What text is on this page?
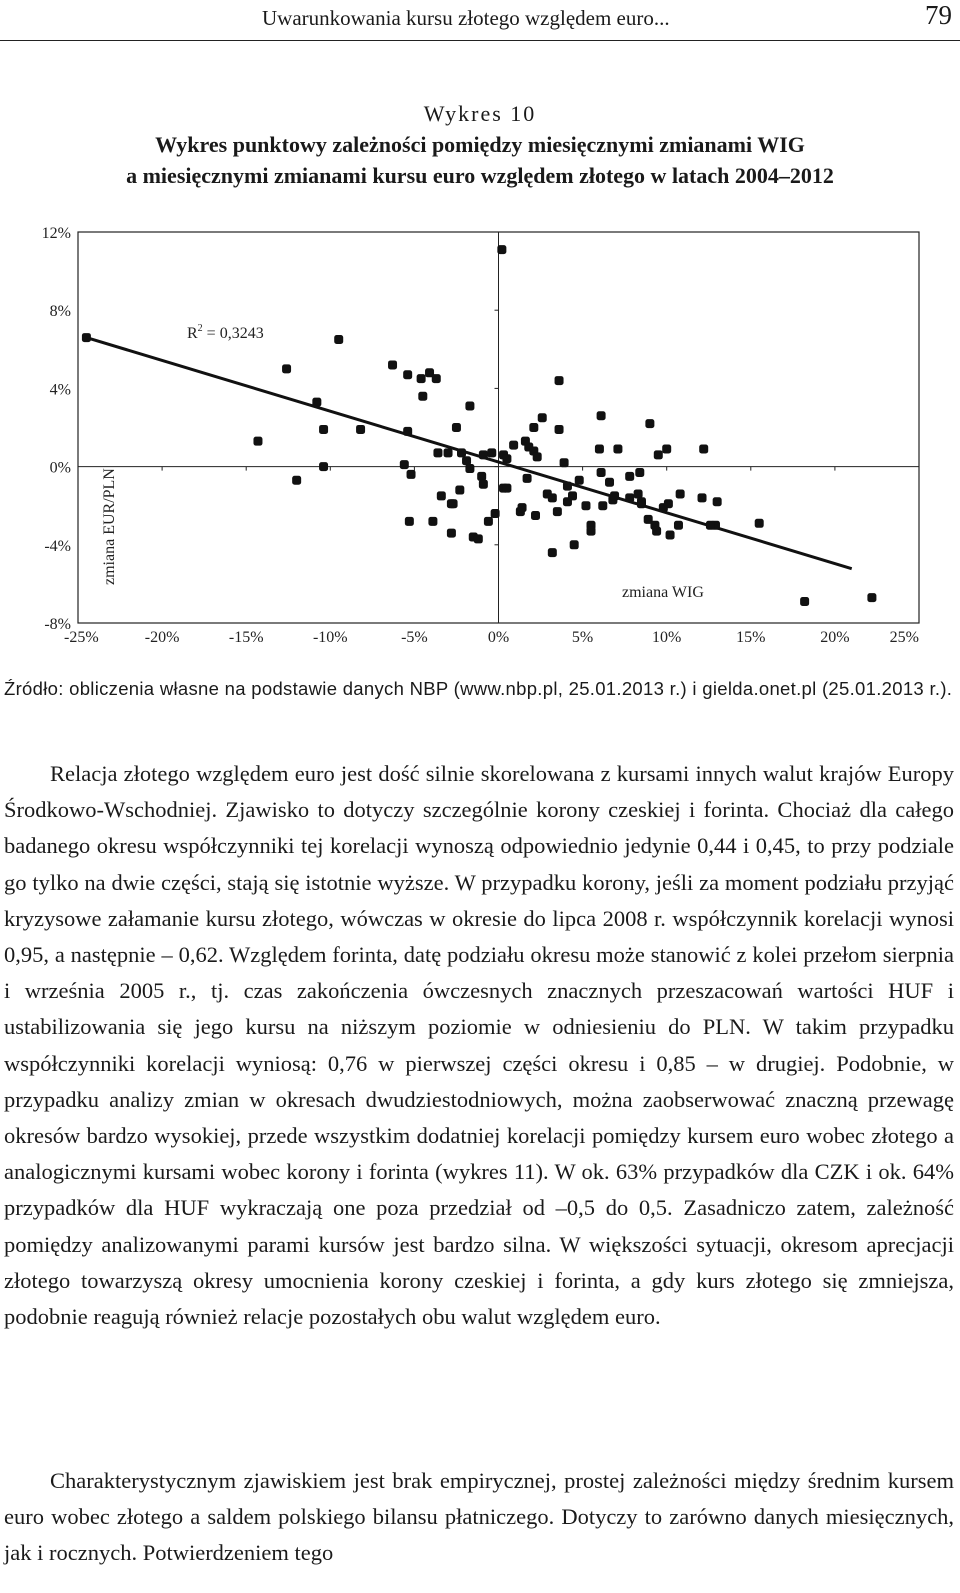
Uwarunkowania kursu złotego względem euro...	79
Wykres 10
Wykres punktowy zależności pomiędzy miesięcznymi zmianami WIG
a miesięcznymi zmianami kursu euro względem złotego w latach 2004–2012
12%
8%
4%
0%
-4%
-8%
-25%	-20%	-15%	-10%	-5%	0%	5%	10%	15%	20%	25%
$R^2 = 0,3243$
zmiana WIG
zmiana EUR/PLN
Źródło: obliczenia własne na podstawie danych NBP (www.nbp.pl, 25.01.2013 r.) i gielda.onet.pl (25.01.2013 r.).
Relacja złotego względem euro jest dość silnie skorelowana z kursami innych walut krajów Europy Środkowo-Wschodniej. Zjawisko to dotyczy szczególnie korony czeskiej i forinta. Chociaż dla całego badanego okresu współczynniki tej korelacji wynoszą odpowiednio jedynie 0,44 i 0,45, to przy podziale go tylko na dwie części, stają się istotnie wyższe. W przypadku korony, jeśli za moment podziału przyjąć kryzysowe załamanie kursu złotego, wówczas w okresie do lipca 2008 r. współczynnik korelacji wynosi 0,95, a następnie – 0,62. Względem forinta, datę podziału okresu może stanowić z kolei przełom sierpnia i września 2005 r., tj. czas zakończenia ówczesnych znacznych przeszacowań wartości HUF i ustabilizowania się jego kursu na niższym poziomie w odniesieniu do PLN. W takim przypadku współczynniki korelacji wyniosą: 0,76 w pierwszej części okresu i 0,85 – w drugiej. Podobnie, w przypadku analizy zmian w okresach dwudziestodniowych, można zaobserwować znaczną przewagę okresów bardzo wysokiej, przede wszystkim dodatniej korelacji pomiędzy kursem euro wobec złotego a analogicznymi kursami wobec korony i forinta (wykres 11). W ok. 63% przypadków dla CZK i ok. 64% przypadków dla HUF wykraczają one poza przedział od –0,5 do 0,5. Zasadniczo zatem, zależność pomiędzy analizowanymi parami kursów jest bardzo silna. W większości sytuacji, okresom aprecjacji złotego towarzyszą okresy umocnienia korony czeskiej i forinta, a gdy kurs złotego się zmniejsza, podobnie reagują również relacje pozostałych obu walut względem euro.
Charakterystycznym zjawiskiem jest brak empirycznej, prostej zależności między średnim kursem euro wobec złotego a saldem polskiego bilansu płatniczego. Dotyczy to zarówno danych miesięcznych, jak i rocznych. Potwierdzeniem tego
